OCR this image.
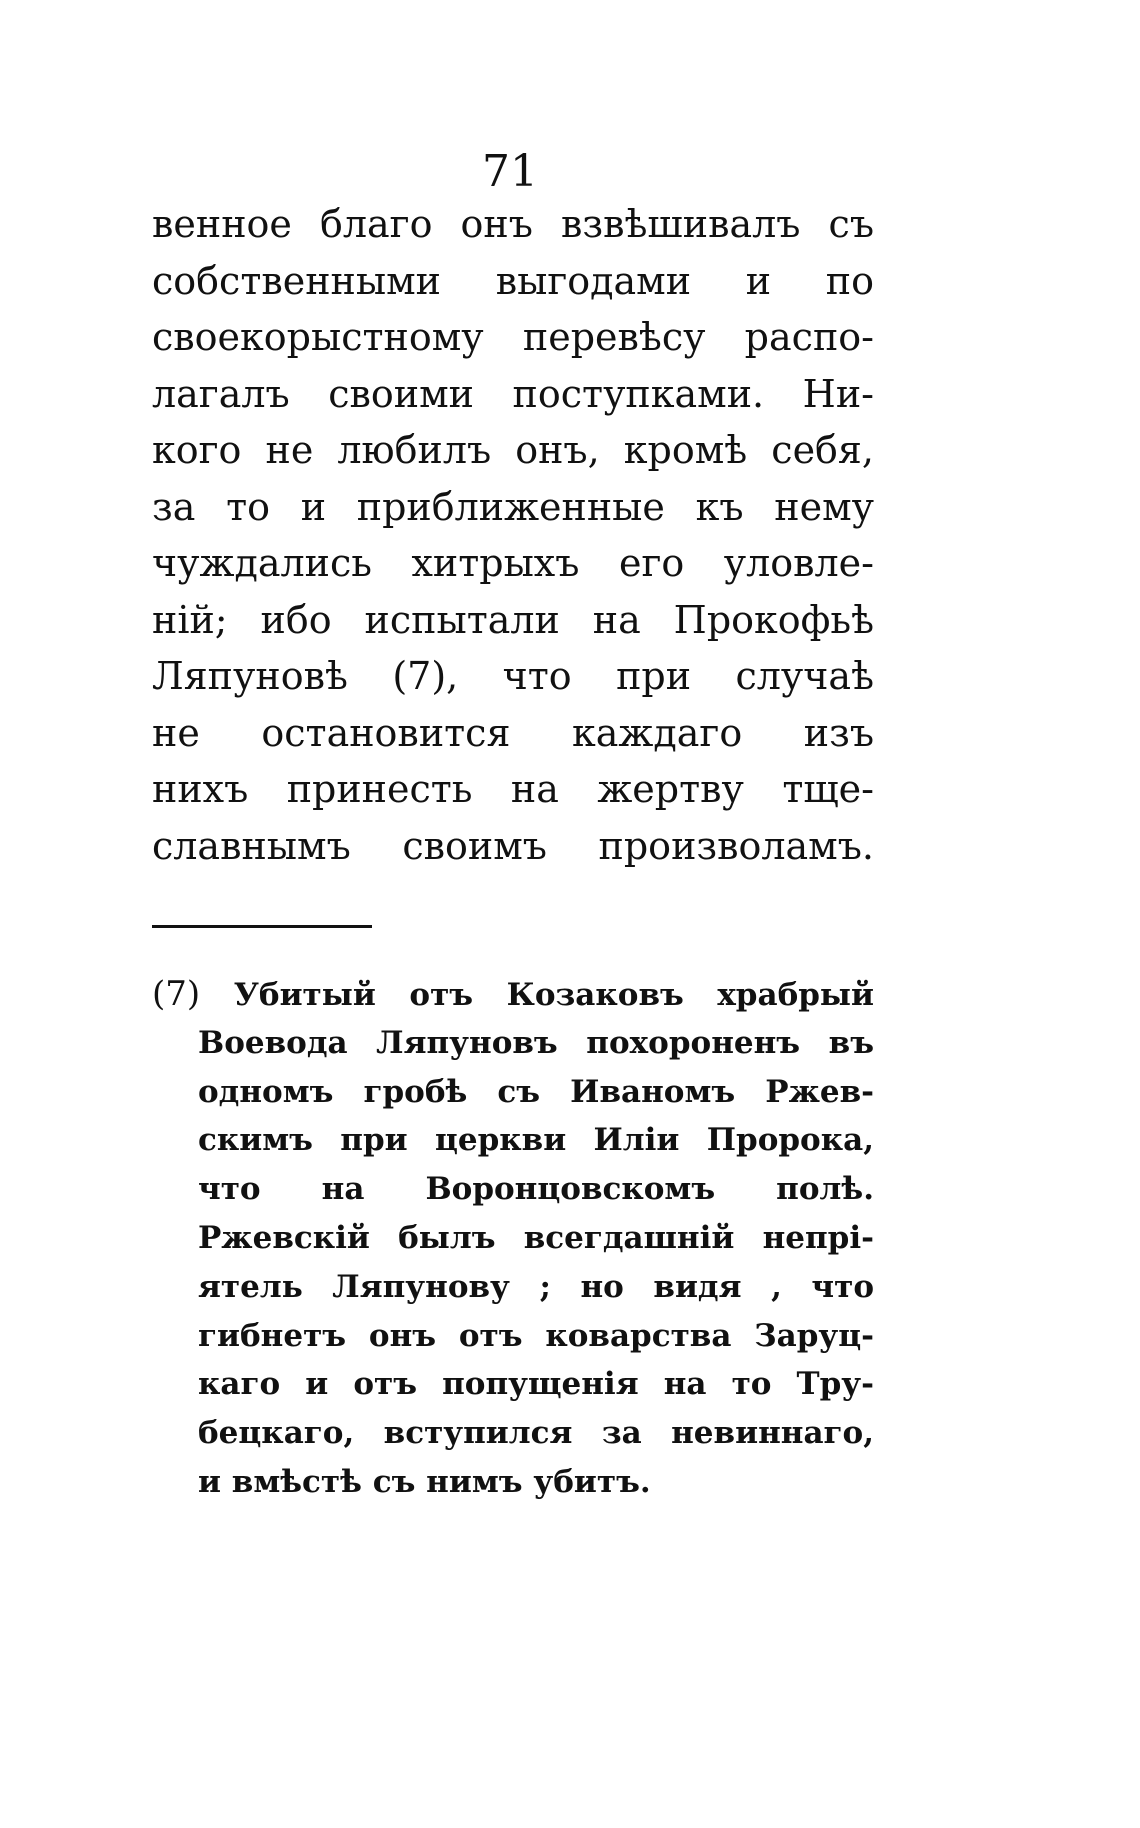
71
венное благо онъ взвѣшивалъ съ
собственными выгодами и по
своекорыстному перевѣсу распо-
лагалъ своими поступками. Ни-
кого не любилъ онъ, кромѣ себя,
за то и приближенные къ нему
чуждались хитрыхъ его уловле-
ній; ибо испытали на Прокофьѣ
Ляпуновѣ (7), что при случаѣ
не остановится каждаго изъ
нихъ принесть на жертву тще-
славнымъ своимъ произволамъ.
(7) Убитый отъ Козаковъ храбрый
Воевода Ляпуновъ похороненъ въ
одномъ гробѣ съ Иваномъ Ржев-
скимъ при церкви Иліи Пророка,
что на Воронцовскомъ полѣ.
Ржевскій былъ всегдашній непрі-
ятель Ляпунову ; но видя , что
гибнетъ онъ отъ коварства Заруц-
каго и отъ попущенія на то Тру-
бецкаго, вступился за невиннаго,
и вмѣстѣ съ нимъ убитъ.
